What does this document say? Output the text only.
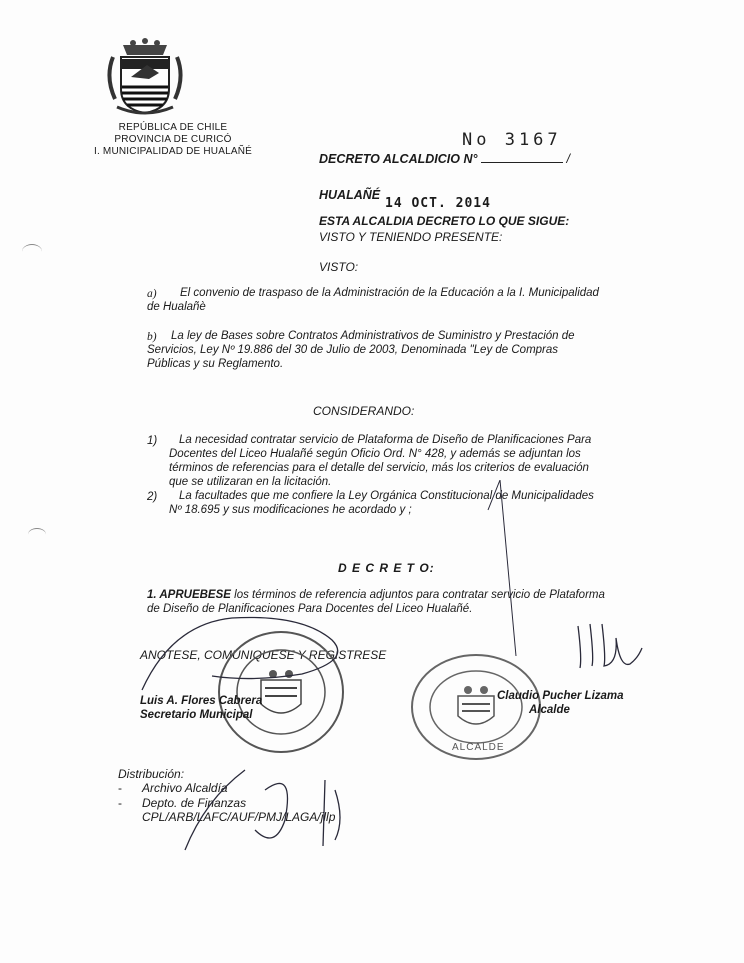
REPÚBLICA DE CHILE
PROVINCIA DE CURICÓ
I. MUNICIPALIDAD DE HUALAÑÉ
No 3167
DECRETO ALCALDICIO N°	/
HUALAÑÉ
14 OCT. 2014
ESTA ALCALDIA DECRETO LO QUE SIGUE:
VISTO Y TENIENDO PRESENTE:
VISTO:
a) El convenio de traspaso de la Administración de la Educación a la I. Municipalidad
de Hualañè
b) La ley de Bases sobre Contratos Administrativos de Suministro y Prestación de
Servicios, Ley Nº 19.886 del 30 de Julio de 2003, Denominada "Ley de Compras
Públicas y su Reglamento.
CONSIDERANDO:
1) La necesidad contratar servicio de Plataforma de Diseño de Planificaciones Para
Docentes del Liceo Hualañé según Oficio Ord. N° 428, y además se adjuntan los
términos de referencias para el detalle del servicio, más los criterios de evaluación
que se utilizaran en la licitación.
2) La facultades que me confiere la Ley Orgánica Constitucional de Municipalidades
Nº 18.695 y sus modificaciones he acordado y ;
D E C R E T O:
1. APRUEBESE los términos de referencia adjuntos para contratar servicio de Plataforma
de Diseño de Planificaciones Para Docentes del Liceo Hualañé.
ANOTESE, COMUNIQUESE Y REGISTRESE
ALCALDE
Luis A. Flores Cabrera
Secretario Municipal
Claudio Pucher Lizama
Alcalde
Distribución:
- Archivo Alcaldía
- Depto. de Finanzas
CPL/ARB/LAFC/AUF/PMJ/LAGA/jllp
